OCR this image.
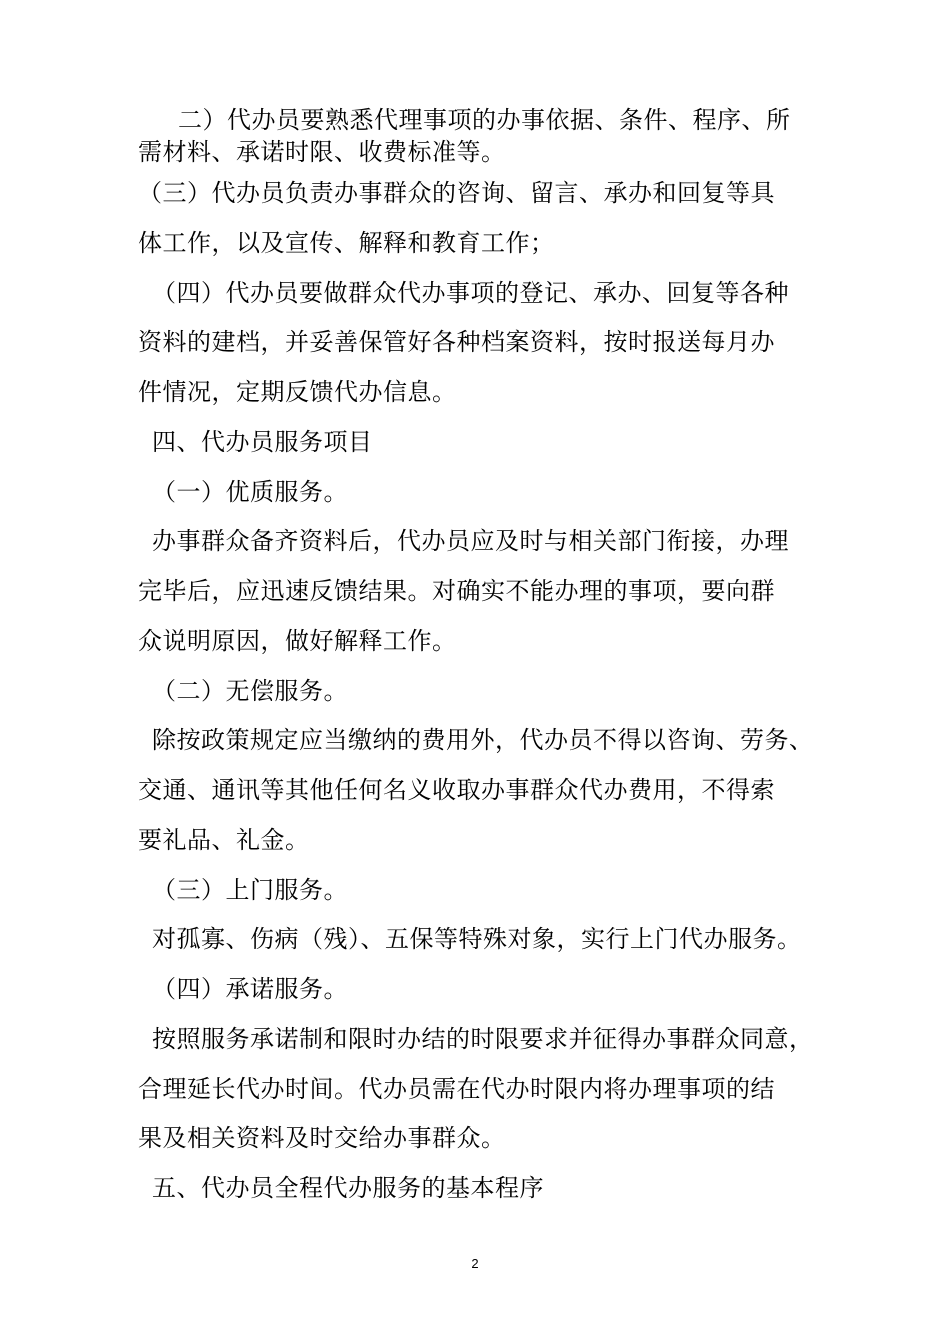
二）代办员要熟悉代理事项的办事依据、条件、程序、所
需材料、承诺时限、收费标准等。
（三）代办员负责办事群众的咨询、留言、承办和回复等具
体工作，以及宣传、解释和教育工作；
（四）代办员要做群众代办事项的登记、承办、回复等各种
资料的建档，并妥善保管好各种档案资料，按时报送每月办
件情况，定期反馈代办信息。
四、代办员服务项目
（一）优质服务。
办事群众备齐资料后，代办员应及时与相关部门衔接，办理
完毕后，应迅速反馈结果。对确实不能办理的事项，要向群
众说明原因，做好解释工作。
（二）无偿服务。
除按政策规定应当缴纳的费用外，代办员不得以咨询、劳务、
交通、通讯等其他任何名义收取办事群众代办费用，不得索
要礼品、礼金。
（三）上门服务。
对孤寡、伤病（残）、五保等特殊对象，实行上门代办服务。
（四）承诺服务。
按照服务承诺制和限时办结的时限要求并征得办事群众同意，
合理延长代办时间。代办员需在代办时限内将办理事项的结
果及相关资料及时交给办事群众。
五、代办员全程代办服务的基本程序
2
